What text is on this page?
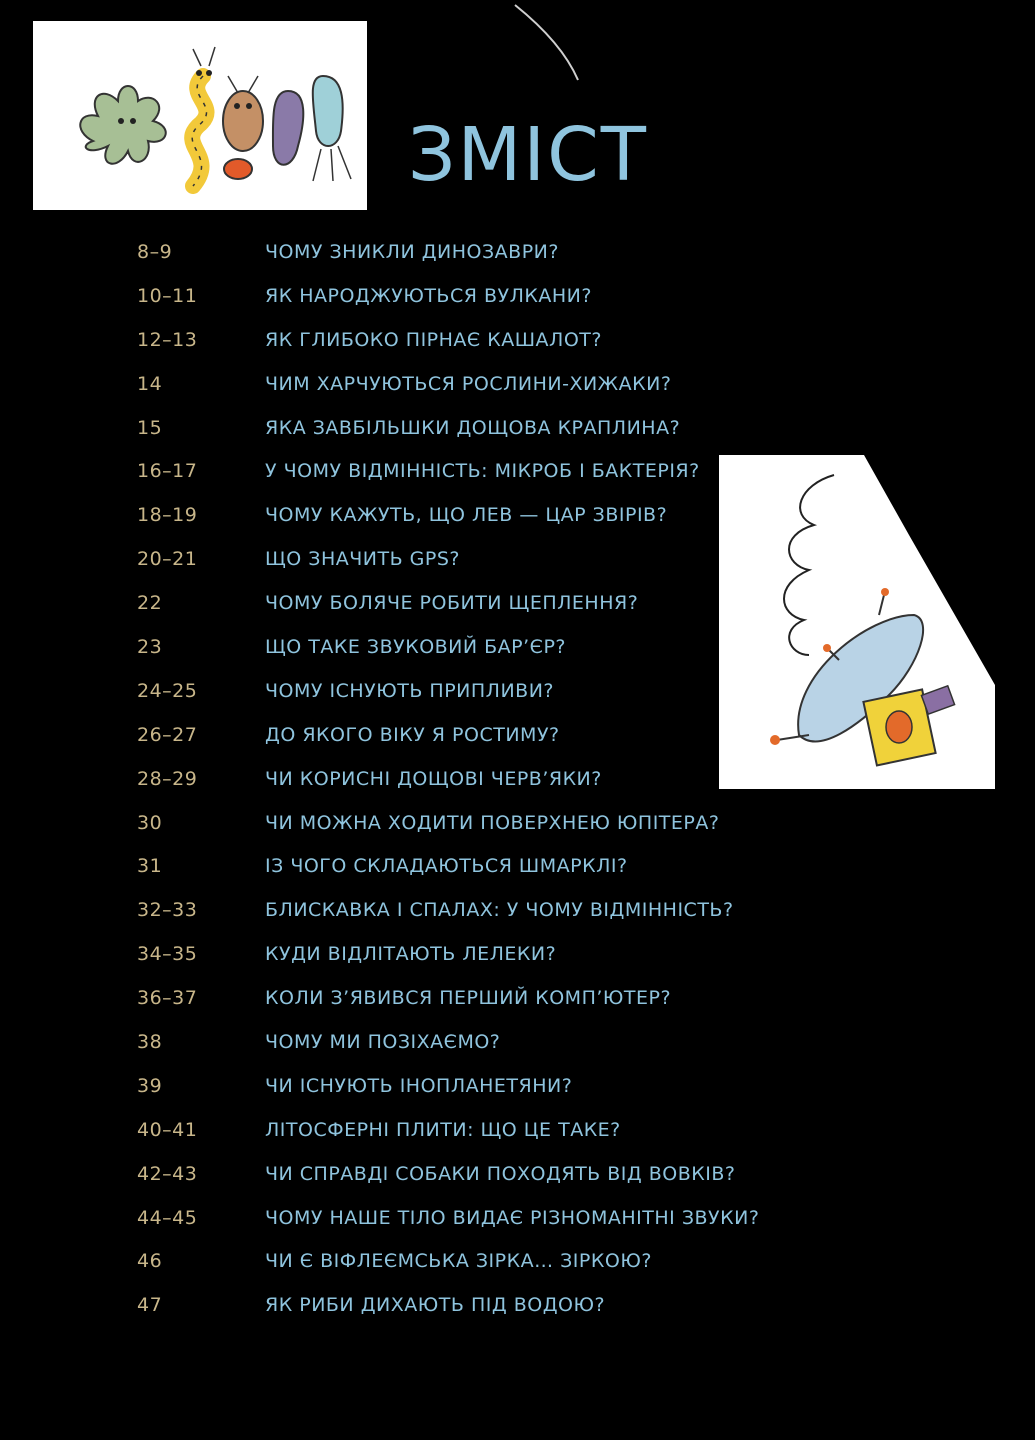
ЗМІСТ
8–9	ЧОМУ ЗНИКЛИ ДИНОЗАВРИ?
10–11	ЯК НАРОДЖУЮТЬСЯ ВУЛКАНИ?
12–13	ЯК ГЛИБОКО ПІРНАЄ КАШАЛОТ?
14	ЧИМ ХАРЧУЮТЬСЯ РОСЛИНИ-ХИЖАКИ?
15	ЯКА ЗАВБІЛЬШКИ ДОЩОВА КРАПЛИНА?
16–17	У ЧОМУ ВІДМІННІСТЬ: МІКРОБ І БАКТЕРІЯ?
18–19	ЧОМУ КАЖУТЬ, ЩО ЛЕВ — ЦАР ЗВІРІВ?
20–21	ЩО ЗНАЧИТЬ GPS?
22	ЧОМУ БОЛЯЧЕ РОБИТИ ЩЕПЛЕННЯ?
23	ЩО ТАКЕ ЗВУКОВИЙ БАР’ЄР?
24–25	ЧОМУ ІСНУЮТЬ ПРИПЛИВИ?
26–27	ДО ЯКОГО ВІКУ Я РОСТИМУ?
28–29	ЧИ КОРИСНІ ДОЩОВІ ЧЕРВ’ЯКИ?
30	ЧИ МОЖНА ХОДИТИ ПОВЕРХНЕЮ ЮПІТЕРА?
31	ІЗ ЧОГО СКЛАДАЮТЬСЯ ШМАРКЛІ?
32–33	БЛИСКАВКА І СПАЛАХ: У ЧОМУ ВІДМІННІСТЬ?
34–35	КУДИ ВІДЛІТАЮТЬ ЛЕЛЕКИ?
36–37	КОЛИ З’ЯВИВСЯ ПЕРШИЙ КОМП’ЮТЕР?
38	ЧОМУ МИ ПОЗІХАЄМО?
39	ЧИ ІСНУЮТЬ ІНОПЛАНЕТЯНИ?
40–41	ЛІТОСФЕРНІ ПЛИТИ: ЩО ЦЕ ТАКЕ?
42–43	ЧИ СПРАВДІ СОБАКИ ПОХОДЯТЬ ВІД ВОВКІВ?
44–45	ЧОМУ НАШЕ ТІЛО ВИДАЄ РІЗНОМАНІТНІ ЗВУКИ?
46	ЧИ Є ВІФЛЕЄМСЬКА ЗІРКА… ЗІРКОЮ?
47	ЯК РИБИ ДИХАЮТЬ ПІД ВОДОЮ?
